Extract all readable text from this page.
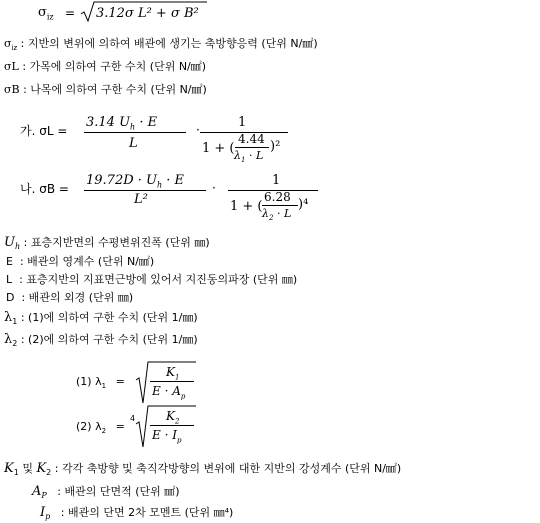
$\sigma_{iz} = 3.12\sigma$ L² + σ B²
$\sigma_{iz}$ : 지반의 변위에 의하여 배관에 생기는 축방향응력 (단위 N/㎟)
σL : 가목에 의하여 구한 수치 (단위 N/㎟)
σB : 나목에 의하여 구한 수치 (단위 N/㎟)
가. σL =
3.14 $U_h \cdot E$
L
·	1
1 + (
4.44
$\lambda_1 \cdot L$
)²
나. σB =
$19.72D \cdot U_h \cdot E$
L²
·	1
1 + (
6.28
$\lambda_2 \cdot L$
)⁴
$U_h$ : 표층지반면의 수평변위진폭 (단위 ㎜)
E : 배관의 영계수 (단위 N/㎟)
L : 표층지반의 지표면근방에 있어서 지진동의파장 (단위 ㎜)
D : 배관의 외경 (단위 ㎜)
$\lambda_1$ : (1)에 의하여 구한 수치 (단위 1/㎜)
$\lambda_2$ : (2)에 의하여 구한 수치 (단위 1/㎜)
(1) $\lambda_1$ =
$K_1$
$E \cdot A_p$
(2) $\lambda_2$ =
4	$K_2$
$E \cdot I_p$
$K_1$ 및 $K_2$ : 각각 축방향 및 축직각방향의 변위에 대한 지반의 강성계수 (단위 N/㎟)
$A_P$ : 배관의 단면적 (단위 ㎟)
$I_p$ : 배관의 단면 2차 모멘트 (단위 ㎜⁴)
